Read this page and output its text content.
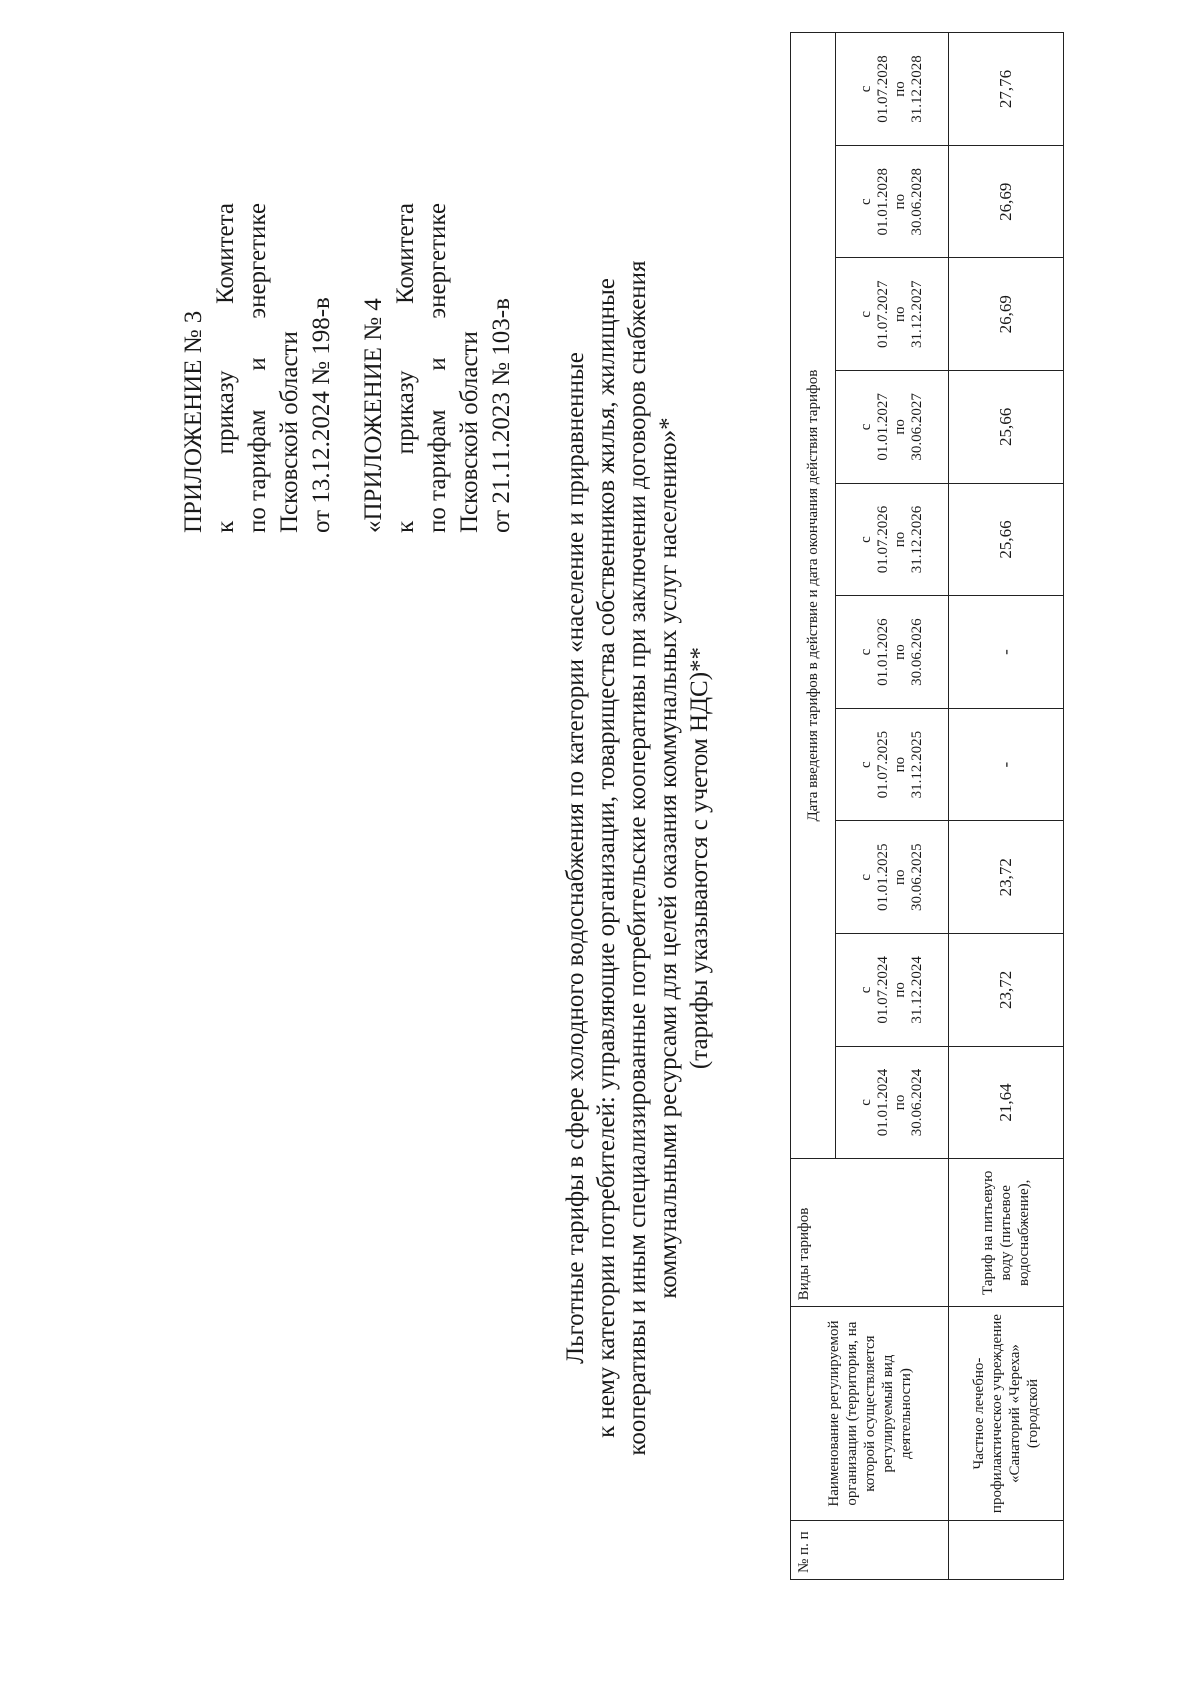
ПРИЛОЖЕНИЕ № 3 к
приказу
Комитета
по тарифам
и
энергетике
Псковской области от 13.12.2024 № 198-в «ПРИЛОЖЕНИЕ № 4 к
приказу
Комитета
по тарифам
и
энергетике
Псковской области от 21.11.2023 № 103-в Льготные тарифы в сфере холодного водоснабжения по категории «население и приравненные к нему категории потребителей: управляющие организации, товарищества собственников жилья, жилищные кооперативы и иным специализированные потребительские кооперативы при заключении договоров снабжения коммунальными ресурсами для целей оказания коммунальных услуг населению»* (тарифы указываются с учетом НДС)**
№ п. п	Наименование регулируемой организации (территория, на которой осуществляется регулируемый вид деятельности)	Виды тарифов	Дата введения тарифов в действие и дата окончания действия тарифов									

			с 01.01.2024 по 30.06.2024	с 01.07.2024 по 31.12.2024	с 01.01.2025 по 30.06.2025	с 01.07.2025 по 31.12.2025	с 01.01.2026 по 30.06.2026	с 01.07.2026 по 31.12.2026	с 01.01.2027 по 30.06.2027	с 01.07.2027 по 31.12.2027	с 01.01.2028 по 30.06.2028	с 01.07.2028 по 31.12.2028

	Частное лечебно-профилактическое учреждение «Санаторий «Череха» (городской	Тариф на питьевую воду (питьевое водоснабжение),	21,64	23,72	23,72	-	-	25,66	25,66	26,69	26,69	27,76
